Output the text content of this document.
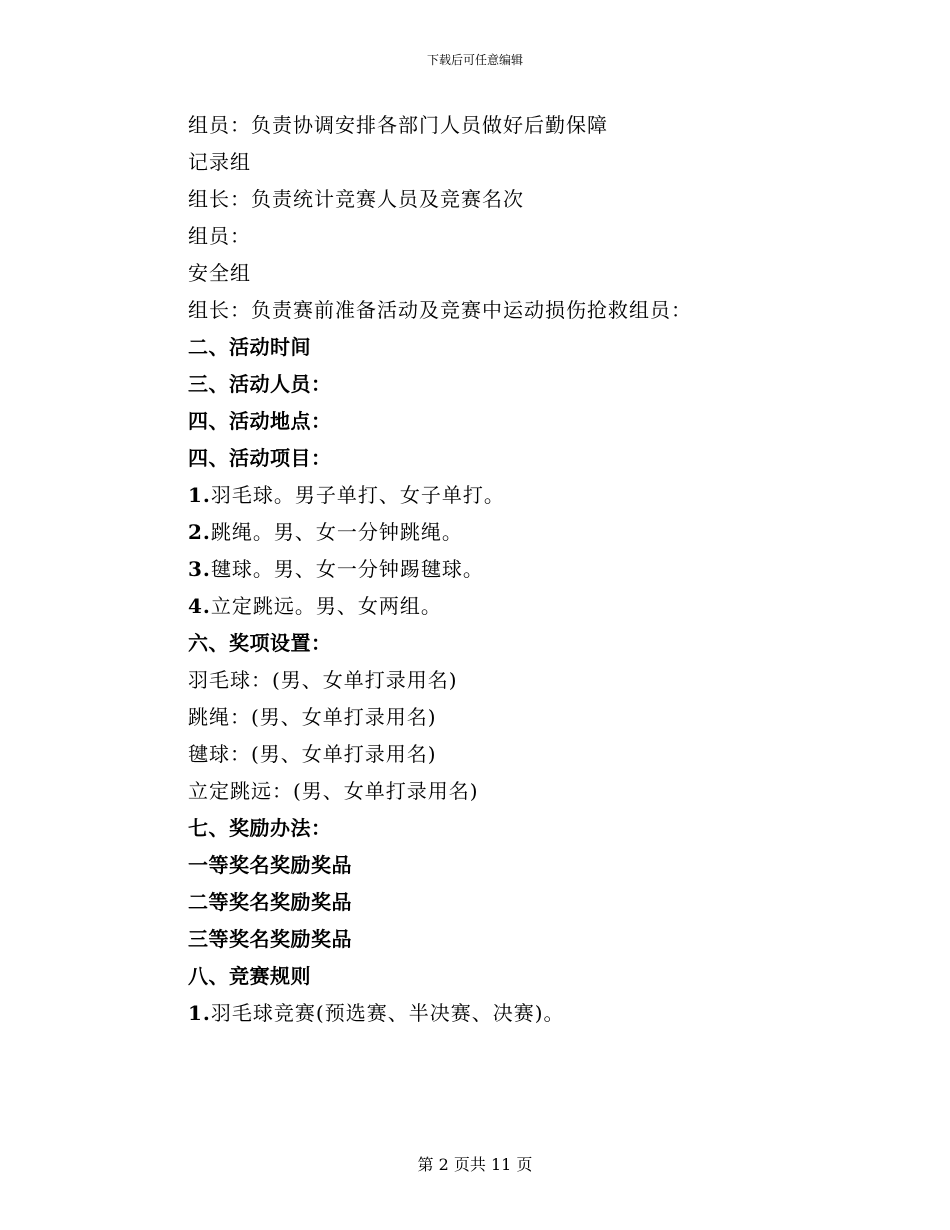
下载后可任意编辑
组员：负责协调安排各部门人员做好后勤保障
记录组
组长：负责统计竞赛人员及竞赛名次
组员：
安全组
组长：负责赛前准备活动及竞赛中运动损伤抢救组员：
二、活动时间
三、活动人员：
四、活动地点：
四、活动项目：
1.羽毛球。男子单打、女子单打。
2.跳绳。男、女一分钟跳绳。
3.毽球。男、女一分钟踢毽球。
4.立定跳远。男、女两组。
六、奖项设置：
羽毛球：(男、女单打录用名)
跳绳：(男、女单打录用名)
毽球：(男、女单打录用名)
立定跳远：(男、女单打录用名)
七、奖励办法：
一等奖名奖励奖品
二等奖名奖励奖品
三等奖名奖励奖品
八、竞赛规则
1.羽毛球竞赛(预选赛、半决赛、决赛)。
第 2 页共 11 页
